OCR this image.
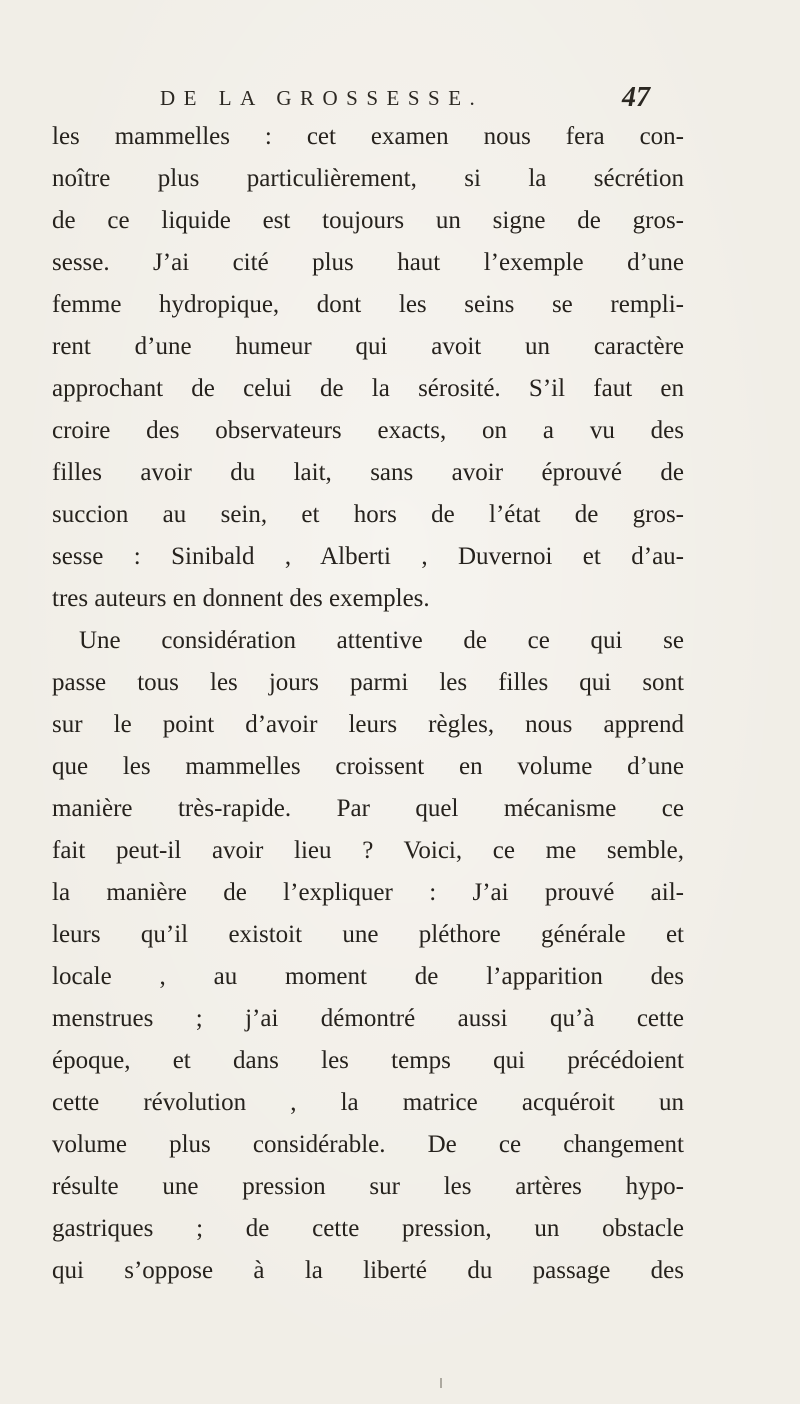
DE LA GROSSESSE.	47
les mammelles : cet examen nous fera con-
noître plus particulièrement, si la sécrétion
de ce liquide est toujours un signe de gros-
sesse. J’ai cité plus haut l’exemple d’une
femme hydropique, dont les seins se rempli-
rent d’une humeur qui avoit un caractère
approchant de celui de la sérosité. S’il faut en
croire des observateurs exacts, on a vu des
filles avoir du lait, sans avoir éprouvé de
succion au sein, et hors de l’état de gros-
sesse : Sinibald , Alberti , Duvernoi et d’au-
tres auteurs en donnent des exemples.
Une considération attentive de ce qui se
passe tous les jours parmi les filles qui sont
sur le point d’avoir leurs règles, nous apprend
que les mammelles croissent en volume d’une
manière très-rapide. Par quel mécanisme ce
fait peut-il avoir lieu ? Voici, ce me semble,
la manière de l’expliquer : J’ai prouvé ail-
leurs qu’il existoit une pléthore générale et
locale , au moment de l’apparition des
menstrues ; j’ai démontré aussi qu’à cette
époque, et dans les temps qui précédoient
cette révolution , la matrice acquéroit un
volume plus considérable. De ce changement
résulte une pression sur les artères hypo-
gastriques ; de cette pression, un obstacle
qui s’oppose à la liberté du passage des
